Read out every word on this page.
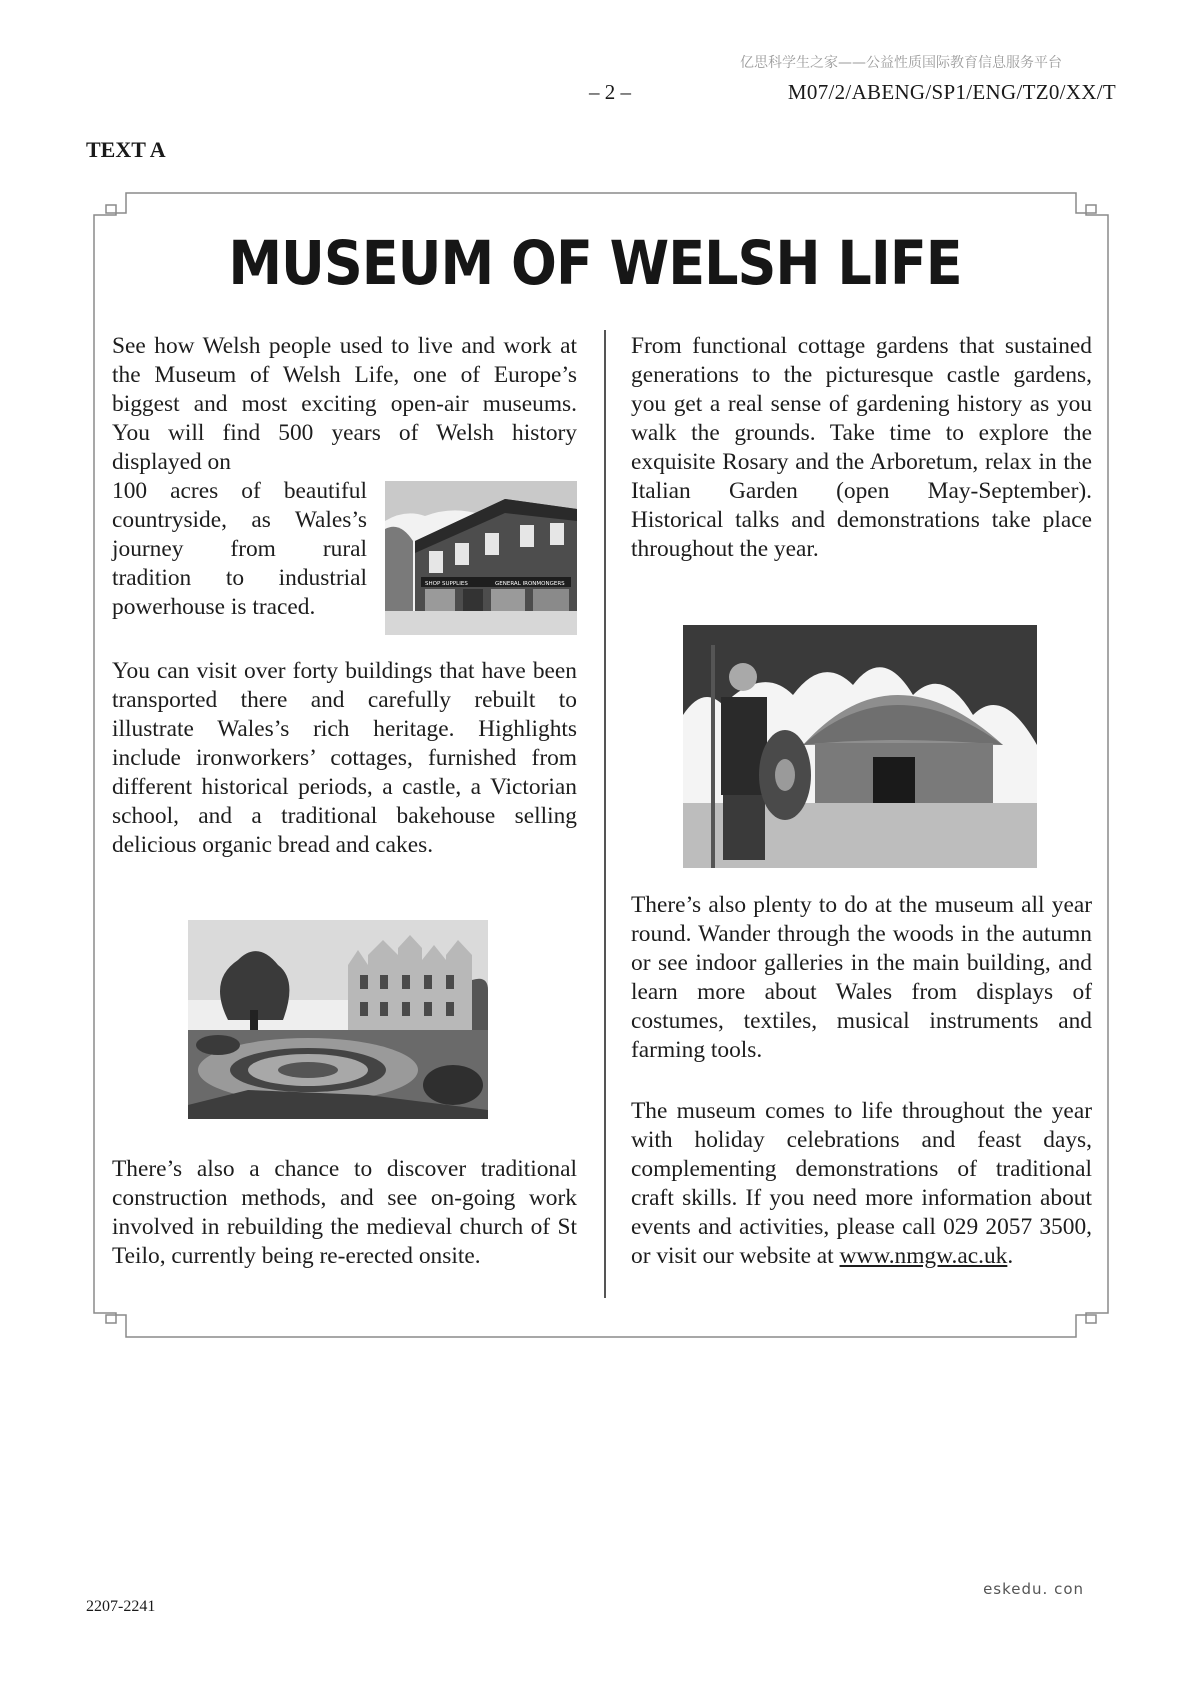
亿思科学生之家——公益性质国际教育信息服务平台
– 2 –	M07/2/ABENG/SP1/ENG/TZ0/XX/T
TEXT A
MUSEUM OF WELSH LIFE

See how Welsh people used to live and work at the Museum of Welsh Life, one of Europe’s biggest and most exciting open-air museums. You will find 500 years of Welsh history displayed on

SHOP SUPPLIES	GENERAL IRONMONGERS

100 acres of beautiful countryside, as Wales’s journey from rural tradition to industrial powerhouse is traced.

You can visit over forty buildings that have been transported there and carefully rebuilt to illustrate Wales’s rich heritage. Highlights include ironworkers’ cottages, furnished from different historical periods, a castle, a Victorian school, and a traditional bakehouse selling delicious organic bread and cakes.

There’s also a chance to discover traditional construction methods, and see on-going work involved in rebuilding the medieval church of St Teilo, currently being re-erected onsite.

From functional cottage gardens that sustained generations to the picturesque castle gardens, you get a real sense of gardening history as you walk the grounds. Take time to explore the exquisite Rosary and the Arboretum, relax in the Italian Garden (open May-September). Historical talks and demonstrations take place throughout the year.

There’s also plenty to do at the museum all year round. Wander through the woods in the autumn or see indoor galleries in the main building, and learn more about Wales from displays of costumes, textiles, musical instruments and farming tools.

The museum comes to life throughout the year with holiday celebrations and feast days, complementing demonstrations of traditional craft skills. If you need more information about events and activities, please call 029 2057 3500, or visit our website at www.nmgw.ac.uk.

2207-2241
eskedu. con
